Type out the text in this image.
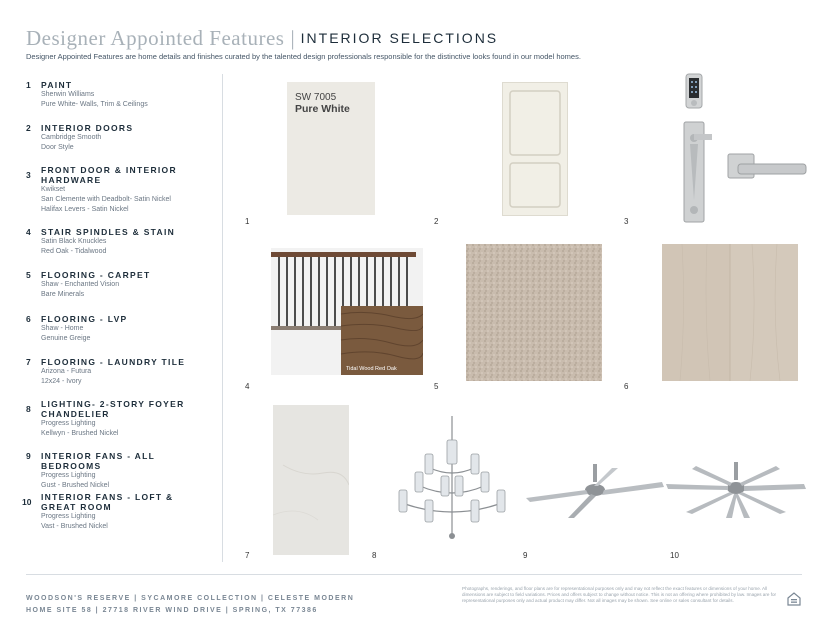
Designer Appointed Features | INTERIOR SELECTIONS
Designer Appointed Features are home details and finishes curated by the talented design professionals responsible for the distinctive looks found in our model homes.
1 PAINT
Sherwin Williams
Pure White- Walls, Trim & Ceilings
2 INTERIOR DOORS
Cambridge Smooth
Door Style
3 FRONT DOOR & INTERIOR HARDWARE
Kwikset
San Clemente with Deadbolt- Satin Nickel
Halifax Levers - Satin Nickel
4 STAIR SPINDLES & STAIN
Satin Black Knuckles
Red Oak - Tidalwood
5 FLOORING - CARPET
Shaw - Enchanted Vision
Bare Minerals
6 FLOORING - LVP
Shaw - Home
Genuine Greige
7 FLOORING - LAUNDRY TILE
Arizona - Futura
12x24 - Ivory
8 LIGHTING- 2-STORY FOYER CHANDELIER
Progress Lighting
Kellwyn - Brushed Nickel
9 INTERIOR FANS - ALL BEDROOMS
Progress Lighting
Gust - Brushed Nickel
10 INTERIOR FANS - LOFT & GREAT ROOM
Progress Lighting
Vast - Brushed Nickel
SW 7005
Pure White
1	2	3
Tidal Wood Red Oak
4	5	6
7	8	9	10
WOODSON'S RESERVE | SYCAMORE COLLECTION | CELESTE MODERN
HOME SITE 58 | 27718 RIVER WIND DRIVE | SPRING, TX 77386
Photographs, renderings, and floor plans are for representational purposes only and may not reflect the exact features or dimensions of your home. All dimensions are subject to field variations. Prices and offers subject to change without notice. This is not an offering where prohibited by law. Images are for representational purposes only and actual product may differ. Not all images may be shown. See online or sales consultant for details.
